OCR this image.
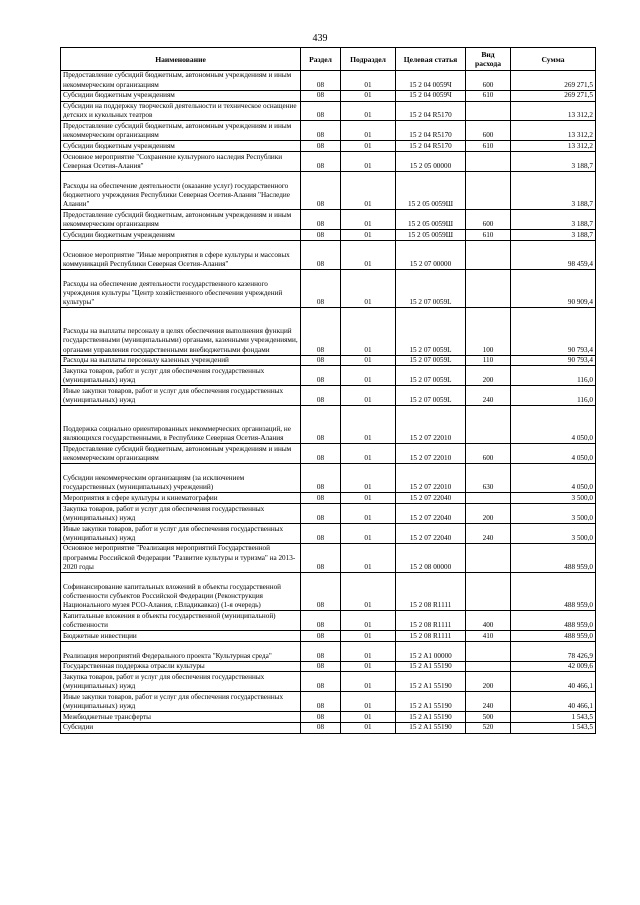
439
Наименование	Раздел	Подраздел	Целевая статья	Вид расхода	Сумма
Предоставление субсидий бюджетным, автономным учреждениям и иным некоммерческим организациям	08	01	15 2 04 0059Ч	600	269 271,5
Субсидии бюджетным учреждениям	08	01	15 2 04 0059Ч	610	269 271,5
Субсидии на поддержку творческой деятельности и техническое оснащение детских и кукольных театров	08	01	15 2 04 R5170		13 312,2
Предоставление субсидий бюджетным, автономным учреждениям и иным некоммерческим организациям	08	01	15 2 04 R5170	600	13 312,2
Субсидии бюджетным учреждениям	08	01	15 2 04 R5170	610	13 312,2
Основное мероприятие "Сохранение культурного наследия Республики Северная Осетия-Алания"	08	01	15 2 05 00000		3 188,7
Расходы на обеспечение деятельности (оказание услуг) государственного бюджетного учреждения Республики Северная Осетия-Алания "Наследие Алании"	08	01	15 2 05 0059Ш		3 188,7
Предоставление субсидий бюджетным, автономным учреждениям и иным некоммерческим организациям	08	01	15 2 05 0059Ш	600	3 188,7
Субсидии бюджетным учреждениям	08	01	15 2 05 0059Ш	610	3 188,7
Основное мероприятие "Иные мероприятия в сфере культуры и массовых коммуникаций Республики Северная Осетия-Алания"	08	01	15 2 07 00000		98 459,4
Расходы на обеспечение деятельности государственного казенного учреждения культуры "Центр хозяйственного обеспечения учреждений культуры"	08	01	15 2 07 0059L		90 909,4
Расходы на выплаты персоналу в целях обеспечения выполнения функций государственными (муниципальными) органами, казенными учреждениями, органами управления государственными внебюджетными фондами	08	01	15 2 07 0059L	100	90 793,4
Расходы на выплаты персоналу казенных учреждений	08	01	15 2 07 0059L	110	90 793,4
Закупка товаров, работ и услуг для обеспечения государственных (муниципальных) нужд	08	01	15 2 07 0059L	200	116,0
Иные закупки товаров, работ и услуг для обеспечения государственных (муниципальных) нужд	08	01	15 2 07 0059L	240	116,0
Поддержка социально ориентированных некоммерческих организаций, не являющихся государственными, в Республике Северная Осетия-Алания	08	01	15 2 07 22010		4 050,0
Предоставление субсидий бюджетным, автономным учреждениям и иным некоммерческим организациям	08	01	15 2 07 22010	600	4 050,0
Субсидии некоммерческим организациям (за исключением государственных (муниципальных) учреждений)	08	01	15 2 07 22010	630	4 050,0
Мероприятия в сфере культуры и кинематографии	08	01	15 2 07 22040		3 500,0
Закупка товаров, работ и услуг для обеспечения государственных (муниципальных) нужд	08	01	15 2 07 22040	200	3 500,0
Иные закупки товаров, работ и услуг для обеспечения государственных (муниципальных) нужд	08	01	15 2 07 22040	240	3 500,0
Основное мероприятие "Реализация мероприятий Государственной программы Российской Федерации "Развитие культуры и туризма" на 2013-2020 годы	08	01	15 2 08 00000		488 959,0
Софинансирование капитальных вложений в объекты государственной собственности субъектов Российской Федерации (Реконструкция Национального музея РСО-Алания, г.Владикавказ) (1-я очередь)	08	01	15 2 08 R1111		488 959,0
Капитальные вложения в объекты государственной (муниципальной) собственности	08	01	15 2 08 R1111	400	488 959,0
Бюджетные инвестиции	08	01	15 2 08 R1111	410	488 959,0
Реализация мероприятий Федерального проекта "Культурная среда"	08	01	15 2 A1 00000		78 426,9
Государственная поддержка отрасли культуры	08	01	15 2 A1 55190		42 009,6
Закупка товаров, работ и услуг для обеспечения государственных (муниципальных) нужд	08	01	15 2 A1 55190	200	40 466,1
Иные закупки товаров, работ и услуг для обеспечения государственных (муниципальных) нужд	08	01	15 2 A1 55190	240	40 466,1
Межбюджетные трансферты	08	01	15 2 A1 55190	500	1 543,5
Субсидии	08	01	15 2 A1 55190	520	1 543,5
